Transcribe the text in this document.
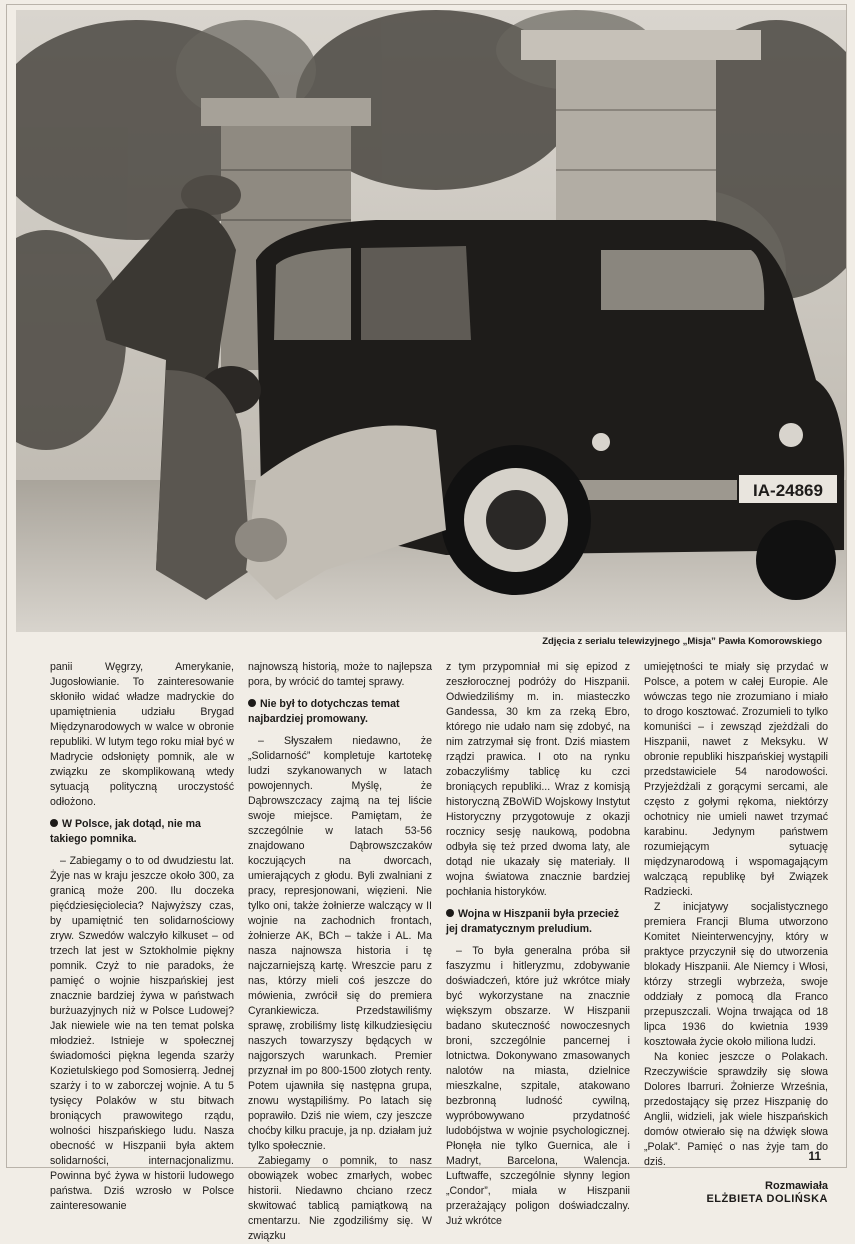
IA-24869
Zdjęcia z serialu telewizyjnego „Misja” Pawła Komorowskiego

panii Węgrzy, Amerykanie, Jugosłowianie. To zainteresowanie skłoniło widać władze madryckie do upamiętnienia udziału Brygad Międzynarodowych w walce w obronie republiki. W lutym tego roku miał być w Madrycie odsłonięty pomnik, ale w związku ze skomplikowaną wtedy sytuacją polityczną uroczystość odłożono.

W Polsce, jak dotąd, nie ma takiego pomnika.

– Zabiegamy o to od dwudziestu lat. Żyje nas w kraju jeszcze około 300, za granicą może 200. Ilu doczeka pięćdziesięciolecia? Najwyższy czas, by upamiętnić ten solidarnościowy zryw. Szwedów walczyło kilkuset – od trzech lat jest w Sztokholmie piękny pomnik. Czyż to nie paradoks, że pamięć o wojnie hiszpańskiej jest znacznie bardziej żywa w państwach burżuazyjnych niż w Polsce Ludowej? Jak niewiele wie na ten temat polska młodzież. Istnieje w społecznej świadomości piękna legenda szarży Kozietulskiego pod Somosierrą. Jednej szarży i to w zaborczej wojnie. A tu 5 tysięcy Polaków w stu bitwach broniących prawowitego rządu, wolności hiszpańskiego ludu. Nasza obecność w Hiszpanii była aktem solidarności, internacjonalizmu. Powinna być żywa w historii ludowego państwa. Dziś wzrosło w Polsce zainteresowanie

najnowszą historią, może to najlepsza pora, by wrócić do tamtej sprawy.

Nie był to dotychczas temat najbardziej promowany.

– Słyszałem niedawno, że „Solidarność” kompletuje kartotekę ludzi szykanowanych w latach powojennych. Myślę, że Dąbrowszczacy zajmą na tej liście swoje miejsce. Pamiętam, że szczególnie w latach 53-56 znajdowano Dąbrowszczaków koczujących na dworcach, umierających z głodu. Byli zwalniani z pracy, represjonowani, więzieni. Nie tylko oni, także żołnierze walczący w II wojnie na zachodnich frontach, żołnierze AK, BCh – także i AL. Ma nasza najnowsza historia i tę najczarniejszą kartę. Wreszcie paru z nas, którzy mieli coś jeszcze do mówienia, zwrócił się do premiera Cyrankiewicza. Przedstawiliśmy sprawę, zrobiliśmy listę kilkudziesięciu naszych towarzyszy będących w najgorszych warunkach. Premier przyznał im po 800-1500 złotych renty. Potem ujawniła się następna grupa, znowu wystąpiliśmy. Po latach się poprawiło. Dziś nie wiem, czy jeszcze choćby kilku pracuje, ja np. działam już tylko społecznie.

Zabiegamy o pomnik, to nasz obowiązek wobec zmarłych, wobec historii. Niedawno chciano rzecz skwitować tablicą pamiątkową na cmentarzu. Nie zgodziliśmy się. W związku

z tym przypomniał mi się epizod z zeszłorocznej podróży do Hiszpanii. Odwiedziliśmy m. in. miasteczko Gandessa, 30 km za rzeką Ebro, którego nie udało nam się zdobyć, na nim zatrzymał się front. Dziś miastem rządzi prawica. I oto na rynku zobaczyliśmy tablicę ku czci broniących republiki... Wraz z komisją historyczną ZBoWiD Wojskowy Instytut Historyczny przygotowuje z okazji rocznicy sesję naukową, podobna odbyła się też przed dwoma laty, ale dotąd nie ukazały się materiały. II wojna światowa znacznie bardziej pochłania historyków.

Wojna w Hiszpanii była przecież jej dramatycznym preludium.

– To była generalna próba sił faszyzmu i hitleryzmu, zdobywanie doświadczeń, które już wkrótce miały być wykorzystane na znacznie większym obszarze. W Hiszpanii badano skuteczność nowoczesnych broni, szczególnie pancernej i lotnictwa. Dokonywano zmasowanych nalotów na miasta, dzielnice mieszkalne, szpitale, atakowano bezbronną ludność cywilną, wypróbowywano przydatność ludobójstwa w wojnie psychologicznej. Płonęła nie tylko Guernica, ale i Madryt, Barcelona, Walencja. Luftwaffe, szczególnie słynny legion „Condor”, miała w Hiszpanii przerażający poligon doświadczalny. Już wkrótce

umiejętności te miały się przydać w Polsce, a potem w całej Europie. Ale wówczas tego nie zrozumiano i miało to drogo kosztować. Zrozumieli to tylko komuniści – i zewsząd zjeżdżali do Hiszpanii, nawet z Meksyku. W obronie republiki hiszpańskiej wystąpili przedstawiciele 54 narodowości. Przyjeżdżali z gorącymi sercami, ale często z gołymi rękoma, niektórzy ochotnicy nie umieli nawet trzymać karabinu. Jedynym państwem rozumiejącym sytuację międzynarodową i wspomagającym walczącą republikę był Związek Radziecki.

Z inicjatywy socjalistycznego premiera Francji Bluma utworzono Komitet Nieinterwencyjny, który w praktyce przyczynił się do utworzenia blokady Hiszpanii. Ale Niemcy i Włosi, którzy strzegli wybrzeża, swoje oddziały z pomocą dla Franco przepuszczali. Wojna trwająca od 18 lipca 1936 do kwietnia 1939 kosztowała życie około miliona ludzi.

Na koniec jeszcze o Polakach. Rzeczywiście sprawdziły się słowa Dolores Ibarruri. Żołnierze Września, przedostający się przez Hiszpanię do Anglii, widzieli, jak wiele hiszpańskich domów otwierało się na dźwięk słowa „Polak”. Pamięć o nas żyje tam do dziś.

Rozmawiała
ELŻBIETA DOLIŃSKA
11
